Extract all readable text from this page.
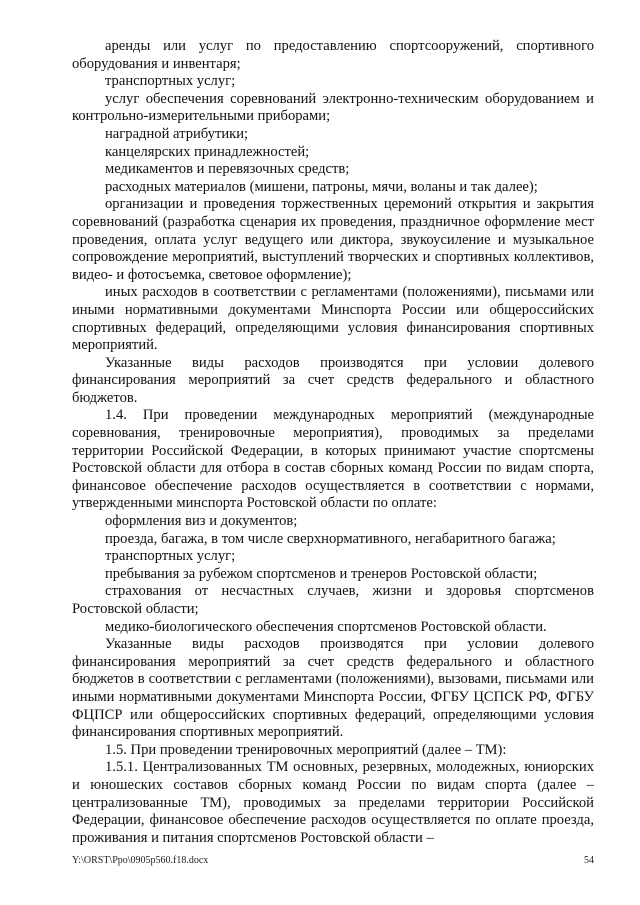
аренды или услуг по предоставлению спортсооружений, спортивного оборудования и инвентаря;

транспортных услуг;

услуг обеспечения соревнований электронно-техническим оборудованием и контрольно-измерительными приборами;

наградной атрибутики;

канцелярских принадлежностей;

медикаментов и перевязочных средств;

расходных материалов (мишени, патроны, мячи, воланы и так далее);

организации и проведения торжественных церемоний открытия и закрытия соревнований (разработка сценария их проведения, праздничное оформление мест проведения, оплата услуг ведущего или диктора, звукоусиление и музыкальное сопровождение мероприятий, выступлений творческих и спортивных коллективов, видео- и фотосъемка, световое оформление);

иных расходов в соответствии с регламентами (положениями), письмами или иными нормативными документами Минспорта России или общероссийских спортивных федераций, определяющими условия финансирования спортивных мероприятий.

Указанные виды расходов производятся при условии долевого финансирования мероприятий за счет средств федерального и областного бюджетов.

1.4. При проведении международных мероприятий (международные соревнования, тренировочные мероприятия), проводимых за пределами территории Российской Федерации, в которых принимают участие спортсмены Ростовской области для отбора в состав сборных команд России по видам спорта, финансовое обеспечение расходов осуществляется в соответствии с нормами, утвержденными минспорта Ростовской области по оплате:

оформления виз и документов;

проезда, багажа, в том числе сверхнормативного, негабаритного багажа;

транспортных услуг;

пребывания за рубежом спортсменов и тренеров Ростовской области;

страхования от несчастных случаев, жизни и здоровья спортсменов Ростовской области;

медико-биологического обеспечения спортсменов Ростовской области.

Указанные виды расходов производятся при условии долевого финансирования мероприятий за счет средств федерального и областного бюджетов в соответствии с регламентами (положениями), вызовами, письмами или иными нормативными документами Минспорта России, ФГБУ ЦСПСК РФ, ФГБУ ФЦПСР или общероссийских спортивных федераций, определяющими условия финансирования спортивных мероприятий.

1.5. При проведении тренировочных мероприятий (далее – ТМ):

1.5.1. Централизованных ТМ основных, резервных, молодежных, юниорских и юношеских составов сборных команд России по видам спорта (далее – централизованные ТМ), проводимых за пределами территории Российской Федерации, финансовое обеспечение расходов осуществляется по оплате проезда, проживания и питания спортсменов Ростовской области –

Y:\ORST\Ppo\0905p560.f18.docx	54
